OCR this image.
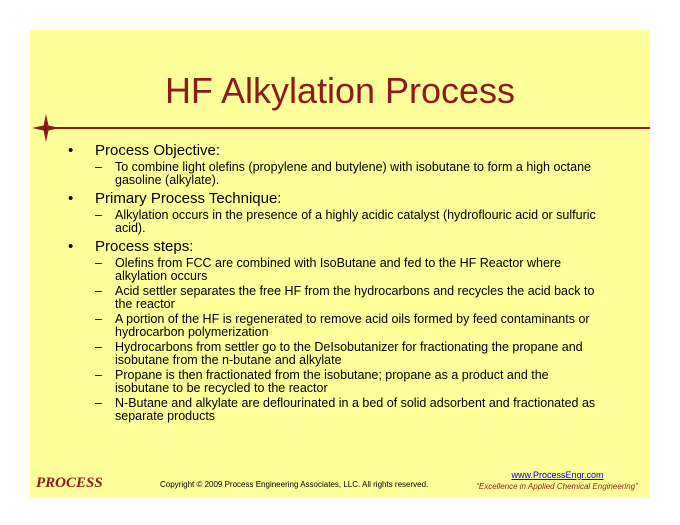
HF Alkylation Process
•	Process Objective:
–	To combine light olefins (propylene and butylene) with isobutane to form a high octane gasoline (alkylate).
•	Primary Process Technique:
–	Alkylation occurs in the presence of a highly acidic catalyst (hydroflouric acid or sulfuric acid).
•	Process steps:
–	Olefins from FCC are combined with IsoButane and fed to the HF Reactor where alkylation occurs
–	Acid settler separates the free HF from the hydrocarbons and recycles the acid back to the reactor
–	A portion of the HF is regenerated to remove acid oils formed by feed contaminants or hydrocarbon polymerization
–	Hydrocarbons from settler go to the DeIsobutanizer for fractionating the propane and isobutane from the n-butane and alkylate
–	Propane is then fractionated from the isobutane; propane as a product and the isobutane to be recycled to the reactor
–	N-Butane and alkylate are deflourinated in a bed of solid adsorbent and fractionated as separate products
PROCESS	Copyright © 2009 Process Engineering Associates, LLC. All rights reserved.
www.ProcessEngr.com
“Excellence in Applied Chemical Engineering”
